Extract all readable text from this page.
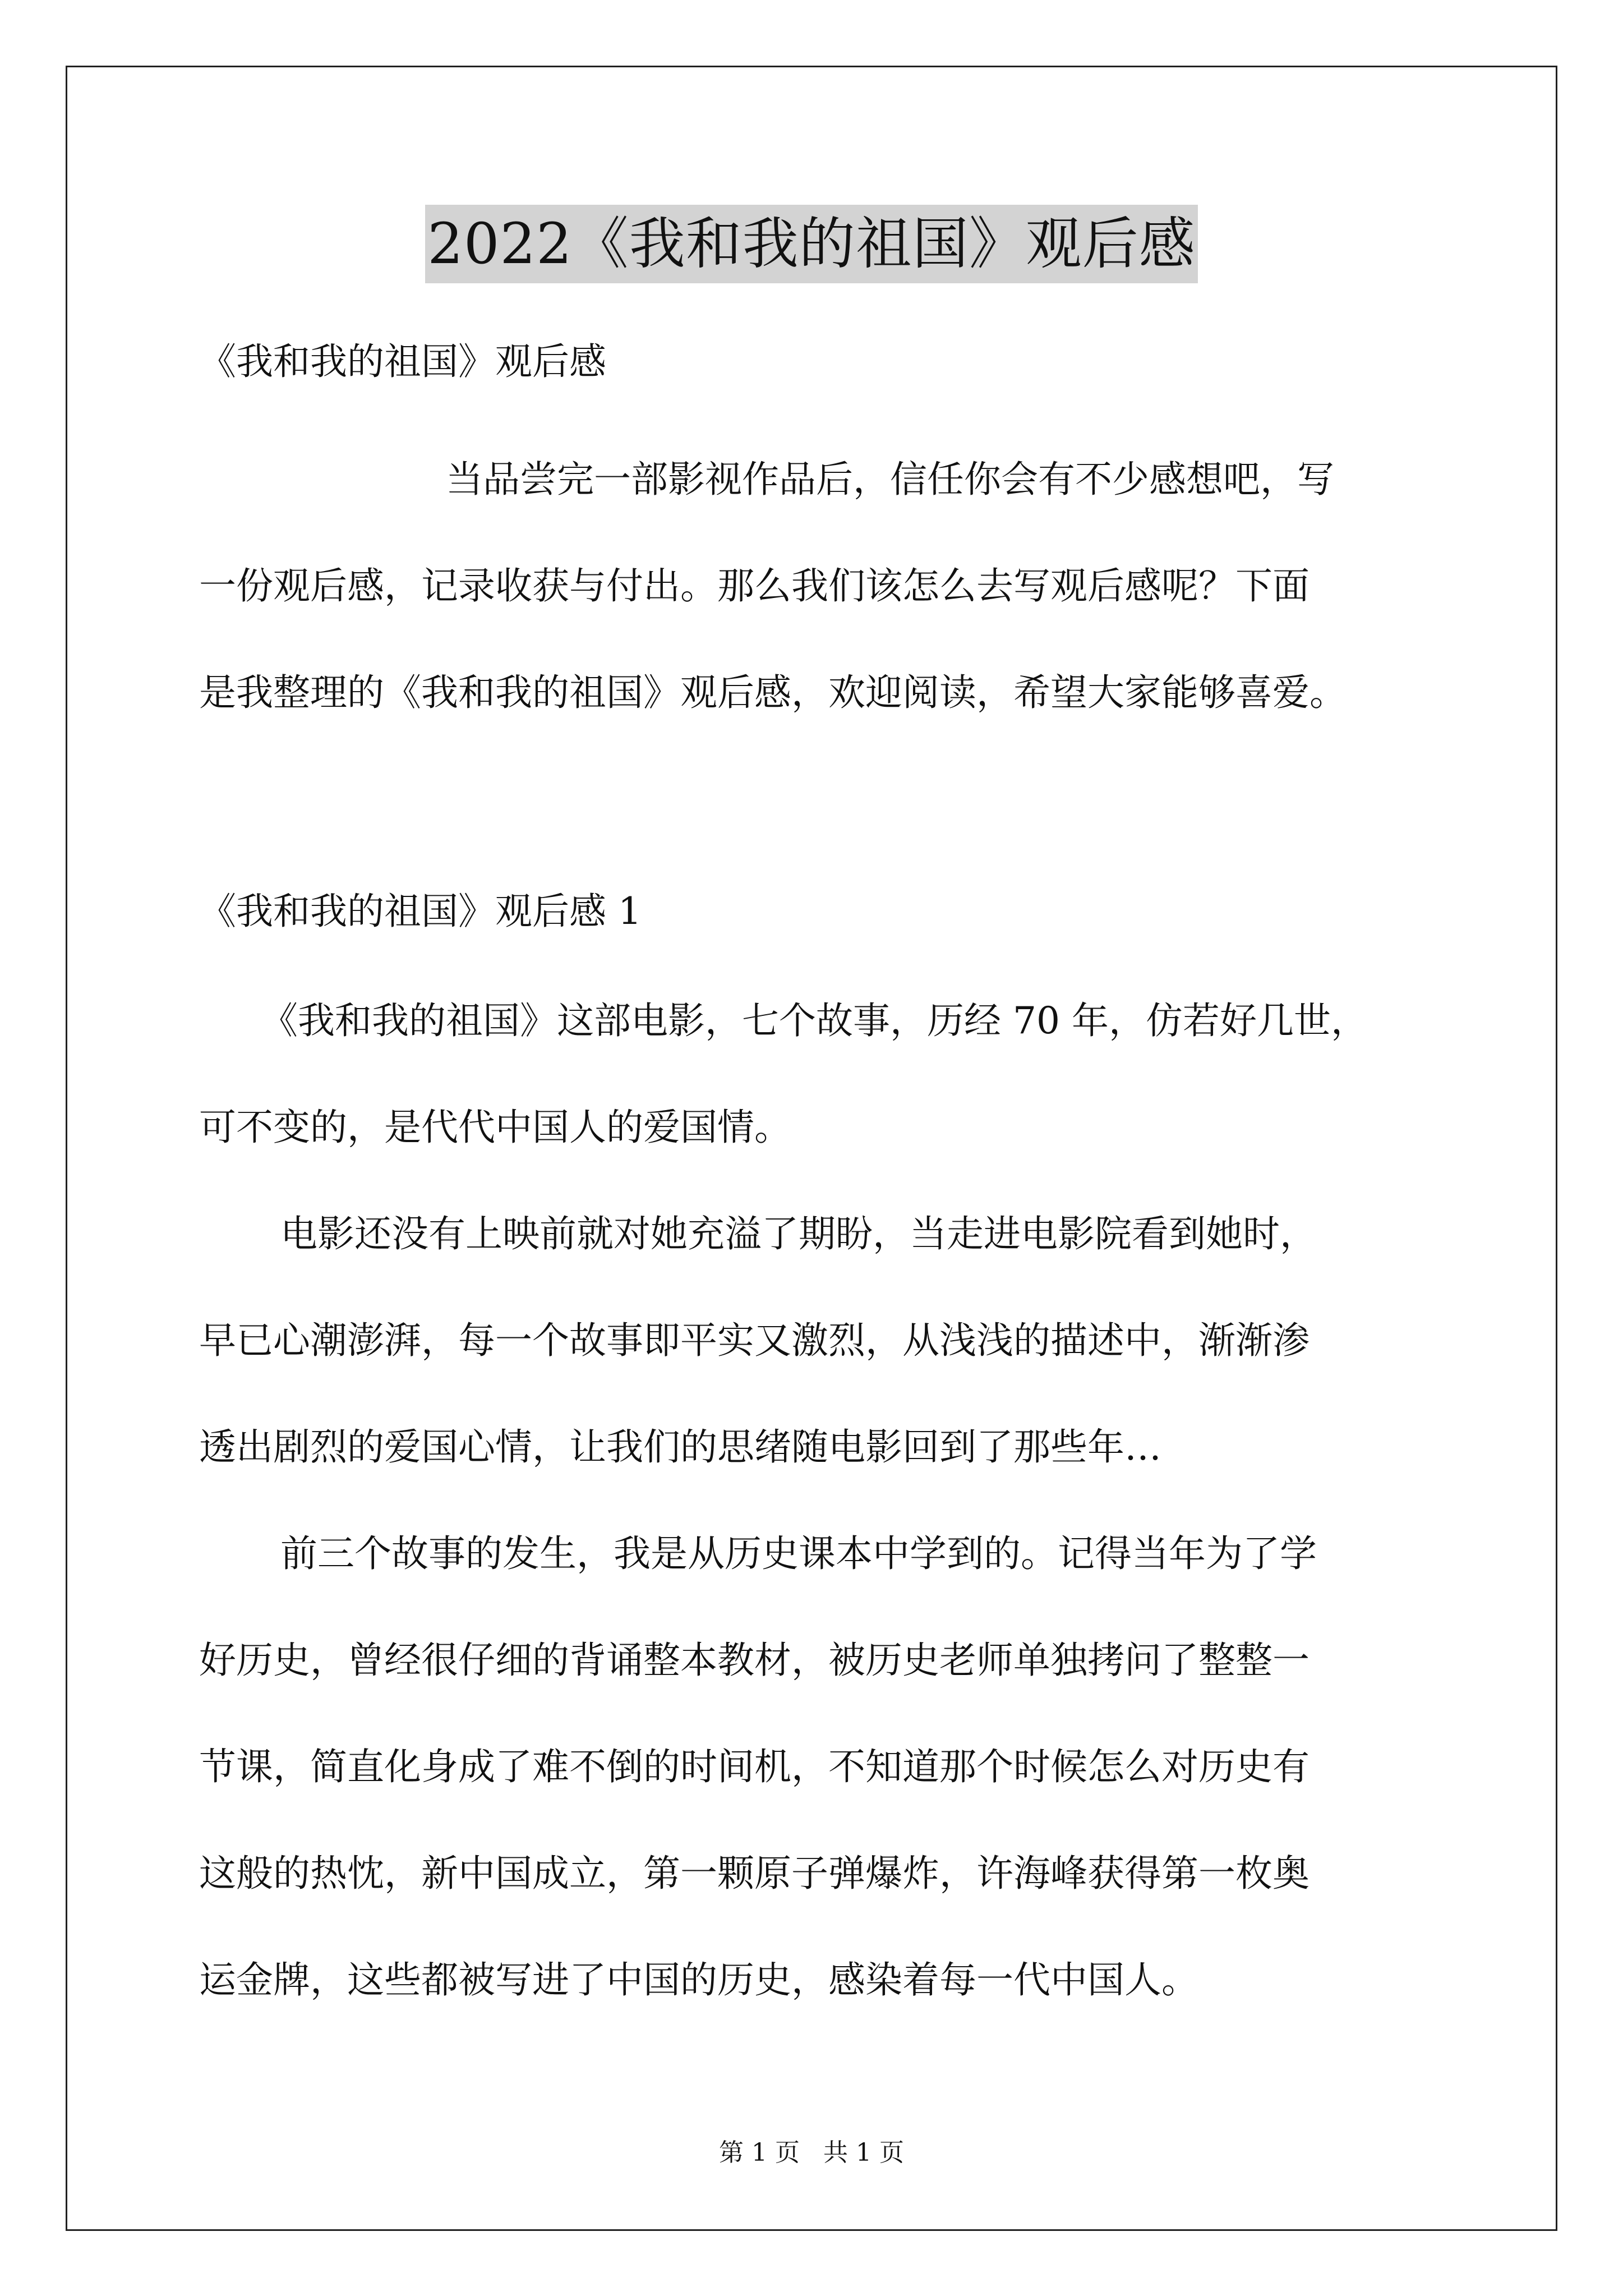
2022《我和我的祖国》观后感
《我和我的祖国》观后感
当品尝完一部影视作品后，信任你会有不少感想吧，写
一份观后感，记录收获与付出。那么我们该怎么去写观后感呢？下面
是我整理的《我和我的祖国》观后感，欢迎阅读，希望大家能够喜爱。
《我和我的祖国》观后感 1
《我和我的祖国》这部电影，七个故事，历经 70 年，仿若好几世，
可不变的，是代代中国人的爱国情。
电影还没有上映前就对她充溢了期盼，当走进电影院看到她时，
早已心潮澎湃，每一个故事即平实又激烈，从浅浅的描述中，渐渐渗
透出剧烈的爱国心情，让我们的思绪随电影回到了那些年…
前三个故事的发生，我是从历史课本中学到的。记得当年为了学
好历史，曾经很仔细的背诵整本教材，被历史老师单独拷问了整整一
节课，简直化身成了难不倒的时间机，不知道那个时候怎么对历史有
这般的热忱，新中国成立，第一颗原子弹爆炸，许海峰获得第一枚奥
运金牌，这些都被写进了中国的历史，感染着每一代中国人。
第 1 页 共 1 页
